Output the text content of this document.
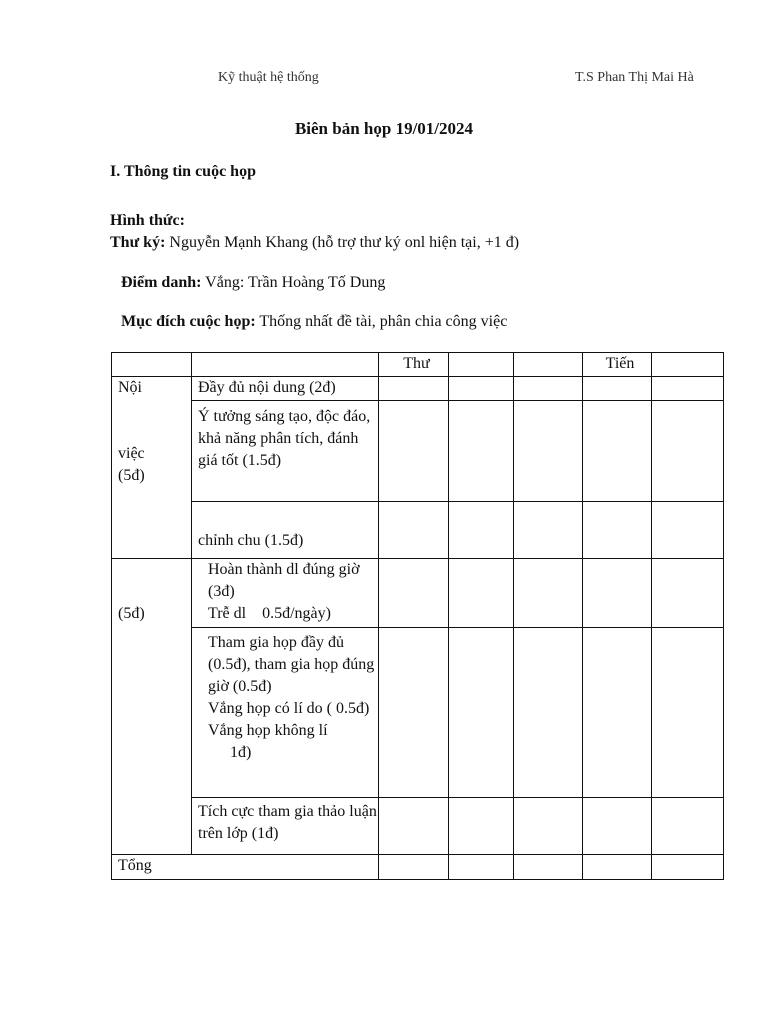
Kỹ thuật hệ thống	T.S Phan Thị Mai Hà
Biên bản họp 19/01/2024
I. Thông tin cuộc họp
Hình thức:
Thư ký: Nguyễn Mạnh Khang (hỗ trợ thư ký onl hiện tại, +1 đ)
Điểm danh: Vắng: Trần Hoàng Tố Dung
Mục đích cuộc họp: Thống nhất đề tài, phân chia công việc
		Thư			Tiến	

Nội
việc
(5đ)	Đầy đủ nội dung (2đ)					
	Ý tưởng sáng tạo, độc đáo, khả năng phân tích, đánh giá tốt (1.5đ)					
	chỉnh chu (1.5đ)					

(5đ)	Hoàn thành dl đúng giờ (3đ)
Trễ dl    0.5đ/ngày)					

	Tham gia họp đầy đủ (0.5đ), tham gia họp đúng giờ (0.5đ)
Vắng họp có lí do ( 0.5đ)
Vắng họp không lí
1đ)					

	Tích cực tham gia thảo luận trên lớp (1đ)					
Tổng						
